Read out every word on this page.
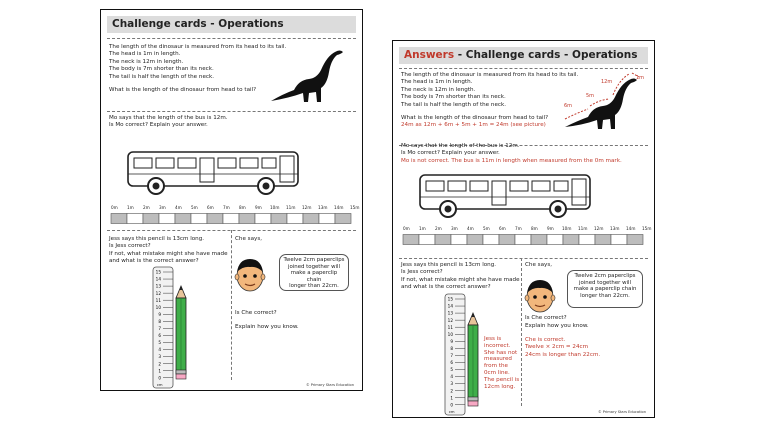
Challenge cards - Operations
The length of the dinosaur is measured from its head to its tail.
The head is 1m in length.
The neck is 12m in length.
The body is 7m shorter than its neck.
The tail is half the length of the neck.
What is the length of the dinosaur from head to tail?
Mo says that the length of the bus is 12m.
Is Mo correct? Explain your answer.
0m 1m 2m 3m 4m 5m 6m 7m 8m 9m 10m 11m 12m 13m 14m 15m
Jess says this pencil is 13cm long.
Is Jess correct?
If not, what mistake might she have made
and what is the correct answer?
15
14
13
12
11
10
9
8
7
6
5
4
3
2
1
0
cm
Che says,
Twelve 2cm paperclips
joined together will
make a paperclip chain
longer than 22cm.
Is Che correct?
Explain how you know.
© Primary Stars Education
Answers - Challenge cards - Operations
The length of the dinosaur is measured from its head to its tail.
The head is 1m in length.
The neck is 12m in length.
The body is 7m shorter than its neck.
The tail is half the length of the neck.
What is the length of the dinosaur from head to tail?
24m as 12m + 6m + 5m + 1m = 24m (see picture)
6m
5m
12m
1m
Mo says that the length of the bus is 12m.
Is Mo correct? Explain your answer.
Mo is not correct. The bus is 11m in length when measured from the 0m mark.
0m 1m 2m 3m 4m 5m 6m 7m 8m 9m 10m 11m 12m 13m 14m 15m
Jess says this pencil is 13cm long.
Is Jess correct?
If not, what mistake might she have made
and what is the correct answer?
15
14
13
12
11
10
9
8
7
6
5
4
3
2
1
0
cm
Jess is
incorrect.
She has not
measured
from the
0cm line.
The pencil is
12cm long.
Che says,
Twelve 2cm paperclips
joined together will
make a paperclip chain
longer than 22cm.
Is Che correct?
Explain how you know.
Che is correct.
Twelve × 2cm = 24cm
24cm is longer than 22cm.
© Primary Stars Education
